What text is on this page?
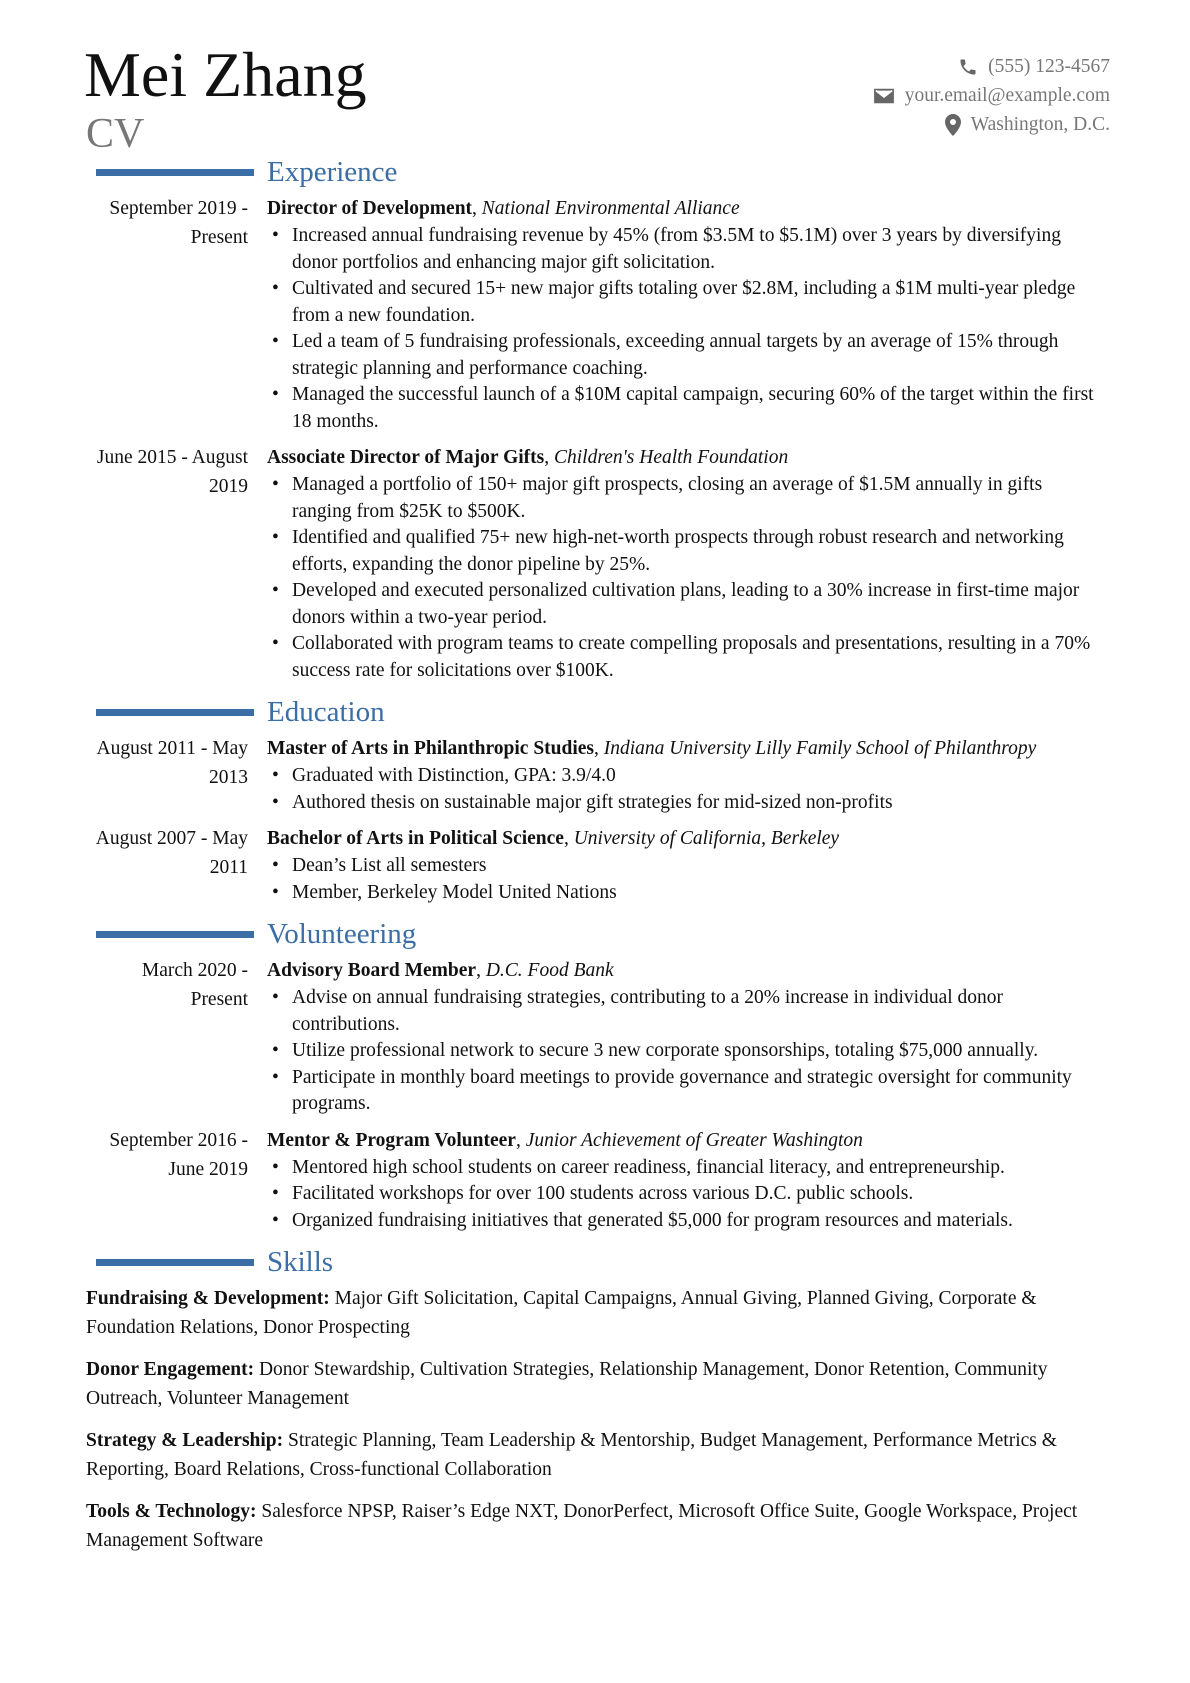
Mei Zhang
CV
(555) 123-4567
your.email@example.com
Washington, D.C.
Experience
September 2019 - Present
Director of Development, National Environmental Alliance
• Increased annual fundraising revenue by 45% (from $3.5M to $5.1M) over 3 years by diversifying donor portfolios and enhancing major gift solicitation.
• Cultivated and secured 15+ new major gifts totaling over $2.8M, including a $1M multi-year pledge from a new foundation.
• Led a team of 5 fundraising professionals, exceeding annual targets by an average of 15% through strategic planning and performance coaching.
• Managed the successful launch of a $10M capital campaign, securing 60% of the target within the first 18 months.
June 2015 - August 2019
Associate Director of Major Gifts, Children's Health Foundation
• Managed a portfolio of 150+ major gift prospects, closing an average of $1.5M annually in gifts ranging from $25K to $500K.
• Identified and qualified 75+ new high-net-worth prospects through robust research and networking efforts, expanding the donor pipeline by 25%.
• Developed and executed personalized cultivation plans, leading to a 30% increase in first-time major donors within a two-year period.
• Collaborated with program teams to create compelling proposals and presentations, resulting in a 70% success rate for solicitations over $100K.
Education
August 2011 - May 2013
Master of Arts in Philanthropic Studies, Indiana University Lilly Family School of Philanthropy
• Graduated with Distinction, GPA: 3.9/4.0
• Authored thesis on sustainable major gift strategies for mid-sized non-profits
August 2007 - May 2011
Bachelor of Arts in Political Science, University of California, Berkeley
• Dean’s List all semesters
• Member, Berkeley Model United Nations
Volunteering
March 2020 - Present
Advisory Board Member, D.C. Food Bank
• Advise on annual fundraising strategies, contributing to a 20% increase in individual donor contributions.
• Utilize professional network to secure 3 new corporate sponsorships, totaling $75,000 annually.
• Participate in monthly board meetings to provide governance and strategic oversight for community programs.
September 2016 - June 2019
Mentor & Program Volunteer, Junior Achievement of Greater Washington
• Mentored high school students on career readiness, financial literacy, and entrepreneurship.
• Facilitated workshops for over 100 students across various D.C. public schools.
• Organized fundraising initiatives that generated $5,000 for program resources and materials.
Skills
Fundraising & Development: Major Gift Solicitation, Capital Campaigns, Annual Giving, Planned Giving, Corporate & Foundation Relations, Donor Prospecting
Donor Engagement: Donor Stewardship, Cultivation Strategies, Relationship Management, Donor Retention, Community Outreach, Volunteer Management
Strategy & Leadership: Strategic Planning, Team Leadership & Mentorship, Budget Management, Performance Metrics & Reporting, Board Relations, Cross-functional Collaboration
Tools & Technology: Salesforce NPSP, Raiser’s Edge NXT, DonorPerfect, Microsoft Office Suite, Google Workspace, Project Management Software
